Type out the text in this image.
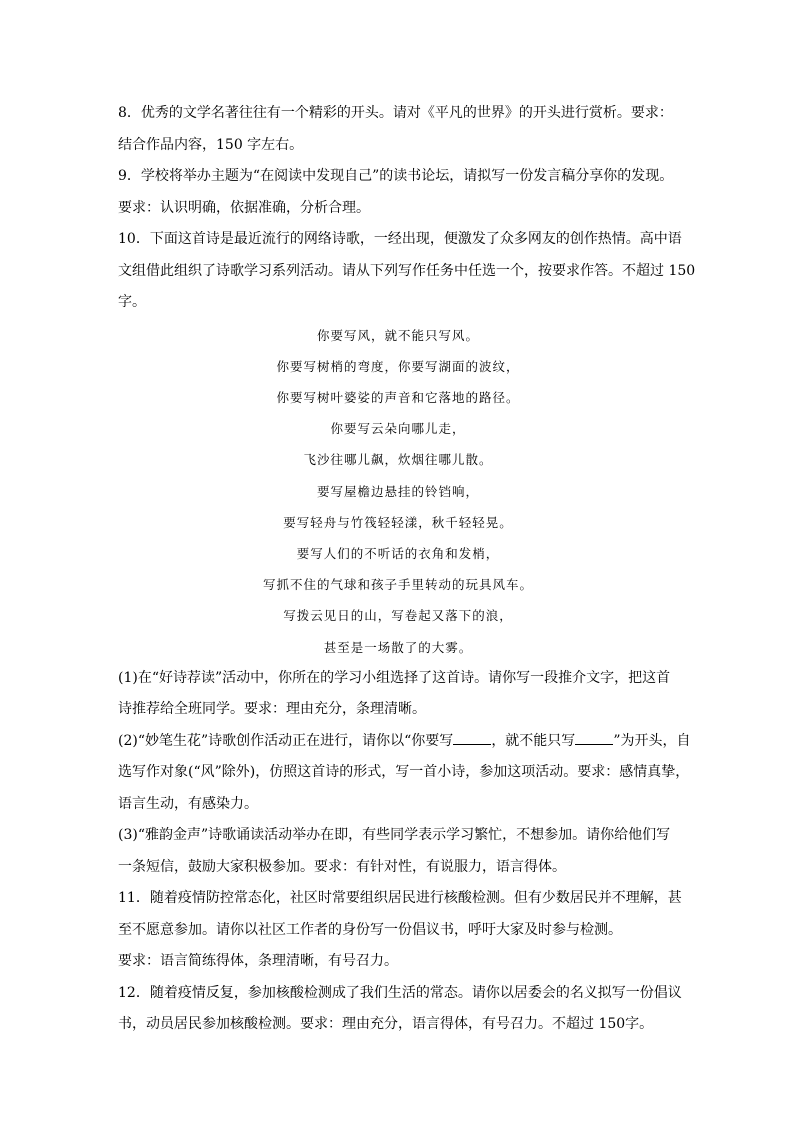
8．优秀的文学名著往往有一个精彩的开头。请对《平凡的世界》的开头进行赏析。要求：

结合作品内容，150 字左右。

9．学校将举办主题为“在阅读中发现自己”的读书论坛，请拟写一份发言稿分享你的发现。

要求：认识明确，依据准确，分析合理。

10．下面这首诗是最近流行的网络诗歌，一经出现，便激发了众多网友的创作热情。高中语

文组借此组织了诗歌学习系列活动。请从下列写作任务中任选一个，按要求作答。不超过 150

字。

你要写风，就不能只写风。

你要写树梢的弯度，你要写湖面的波纹，

你要写树叶婆娑的声音和它落地的路径。

你要写云朵向哪儿走，

飞沙往哪儿飙，炊烟往哪儿散。

要写屋檐边悬挂的铃铛响，

要写轻舟与竹筏轻轻漾，秋千轻轻晃。

要写人们的不听话的衣角和发梢，

写抓不住的气球和孩子手里转动的玩具风车。

写拨云见日的山，写卷起又落下的浪，

甚至是一场散了的大雾。

(1)在“好诗荐读”活动中，你所在的学习小组选择了这首诗。请你写一段推介文字，把这首

诗推荐给全班同学。要求：理由充分，条理清晰。

(2)“妙笔生花”诗歌创作活动正在进行，请你以“你要写	，就不能只写	”为开头，自

选写作对象(“风”除外)，仿照这首诗的形式，写一首小诗，参加这项活动。要求：感情真挚，

语言生动，有感染力。

(3)“雅韵金声”诗歌诵读活动举办在即，有些同学表示学习繁忙，不想参加。请你给他们写

一条短信，鼓励大家积极参加。要求：有针对性，有说服力，语言得体。

11．随着疫情防控常态化，社区时常要组织居民进行核酸检测。但有少数居民并不理解，甚

至不愿意参加。请你以社区工作者的身份写一份倡议书，呼吁大家及时参与检测。

要求：语言简练得体，条理清晰，有号召力。

12．随着疫情反复，参加核酸检测成了我们生活的常态。请你以居委会的名义拟写一份倡议

书，动员居民参加核酸检测。要求：理由充分，语言得体，有号召力。不超过 150字。
